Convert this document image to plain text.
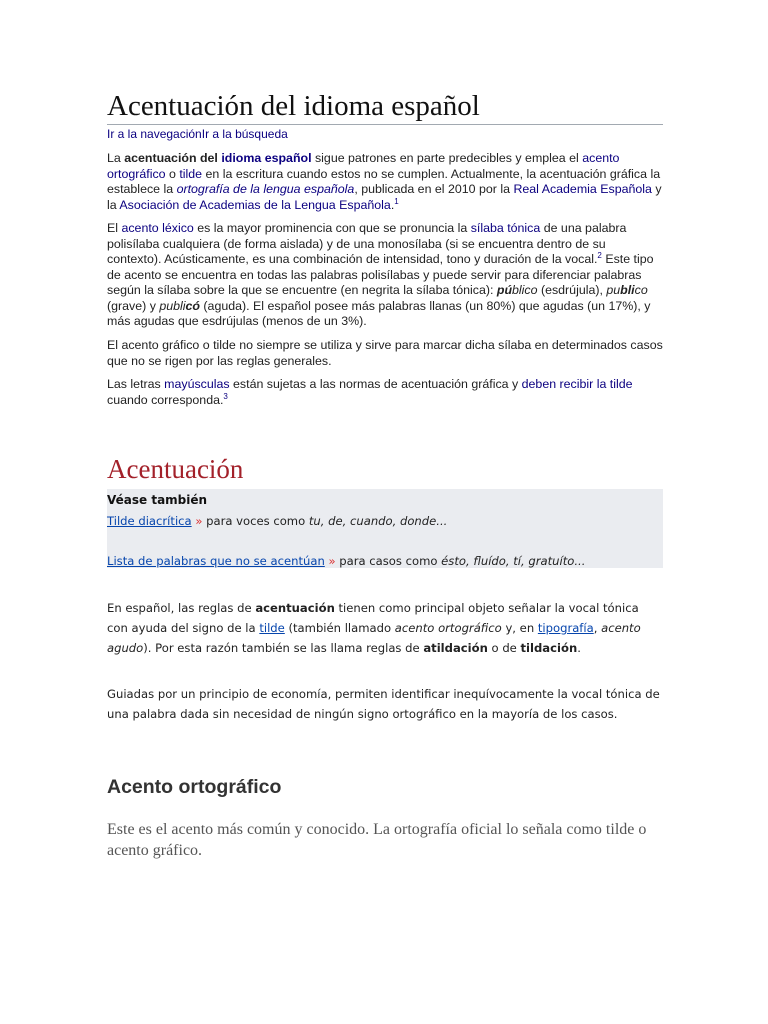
Acentuación del idioma español
Ir a la navegaciónIr a la búsqueda

La acentuación del idioma español sigue patrones en parte predecibles y emplea el acento ortográfico o tilde en la escritura cuando estos no se cumplen. Actualmente, la acentuación gráfica la establece la ortografía de la lengua española, publicada en el 2010 por la Real Academia Española y la Asociación de Academias de la Lengua Española.$^1$

El acento léxico es la mayor prominencia con que se pronuncia la sílaba tónica de una palabra polisílaba cualquiera (de forma aislada) y de una monosílaba (si se encuentra dentro de su contexto). Acústicamente, es una combinación de intensidad, tono y duración de la vocal.$^2$ Este tipo de acento se encuentra en todas las palabras polisílabas y puede servir para diferenciar palabras según la sílaba sobre la que se encuentre (en negrita la sílaba tónica): público (esdrújula), publico (grave) y publicó (aguda). El español posee más palabras llanas (un 80%) que agudas (un 17%), y más agudas que esdrújulas (menos de un 3%).

El acento gráfico o tilde no siempre se utiliza y sirve para marcar dicha sílaba en determinados casos que no se rigen por las reglas generales.

Las letras mayúsculas están sujetas a las normas de acentuación gráfica y deben recibir la tilde cuando corresponda.$^3$

Acentuación
Véase también
Tilde diacrítica » para voces como tu, de, cuando, donde...
Lista de palabras que no se acentúan » para casos como ésto, fluído, tí, gratuíto...

En español, las reglas de acentuación tienen como principal objeto señalar la vocal tónica con ayuda del signo de la tilde (también llamado acento ortográfico y, en tipografía, acento agudo). Por esta razón también se las llama reglas de atildación o de tildación.

Guiadas por un principio de economía, permiten identificar inequívocamente la vocal tónica de una palabra dada sin necesidad de ningún signo ortográfico en la mayoría de los casos.

Acento ortográfico

Este es el acento más común y conocido. La ortografía oficial lo señala como tilde o acento gráfico.
